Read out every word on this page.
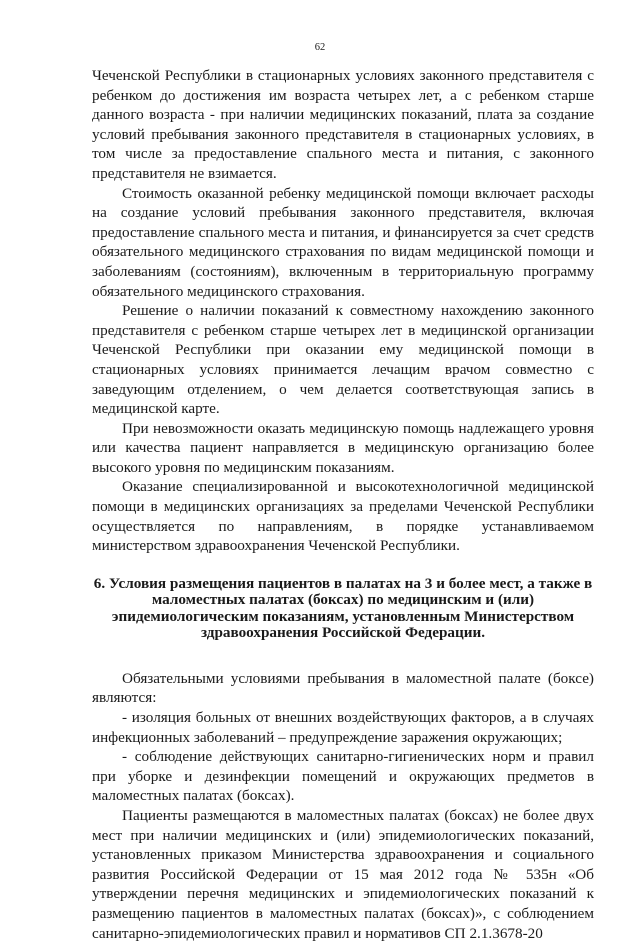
62

Чеченской Республики в стационарных условиях законного представителя с ребенком до достижения им возраста четырех лет, а с ребенком старше данного возраста - при наличии медицинских показаний, плата за создание условий пребывания законного представителя в стационарных условиях, в том числе за предоставление спального места и питания, с законного представителя не взимается.

Стоимость оказанной ребенку медицинской помощи включает расходы на создание условий пребывания законного представителя, включая предоставление спального места и питания, и финансируется за счет средств обязательного медицинского страхования по видам медицинской помощи и заболеваниям (состояниям), включенным в территориальную программу обязательного медицинского страхования.

Решение о наличии показаний к совместному нахождению законного представителя с ребенком старше четырех лет в медицинской организации Чеченской Республики при оказании ему медицинской помощи в стационарных условиях принимается лечащим врачом совместно с заведующим отделением, о чем делается соответствующая запись в медицинской карте.

При невозможности оказать медицинскую помощь надлежащего уровня или качества пациент направляется в медицинскую организацию более высокого уровня по медицинским показаниям.

Оказание специализированной и высокотехнологичной медицинской помощи в медицинских организациях за пределами Чеченской Республики осуществляется по направлениям, в порядке устанавливаемом министерством здравоохранения Чеченской Республики.

6. Условия размещения пациентов в палатах на 3 и более мест, а также в маломестных палатах (боксах) по медицинским и (или) эпидемиологическим показаниям, установленным Министерством здравоохранения Российской Федерации.

Обязательными условиями пребывания в маломестной палате (боксе) являются:

- изоляция больных от внешних воздействующих факторов, а в случаях инфекционных заболеваний – предупреждение заражения окружающих;

- соблюдение действующих санитарно-гигиенических норм и правил при уборке и дезинфекции помещений и окружающих предметов в маломестных палатах (боксах).

Пациенты размещаются в маломестных палатах (боксах) не более двух мест при наличии медицинских и (или) эпидемиологических показаний, установленных приказом Министерства здравоохранения и социального развития Российской Федерации от 15 мая 2012 года № 535н «Об утверждении перечня медицинских и эпидемиологических показаний к размещению пациентов в маломестных палатах (боксах)», с соблюдением санитарно-эпидемиологических правил и нормативов СП 2.1.3678-20
